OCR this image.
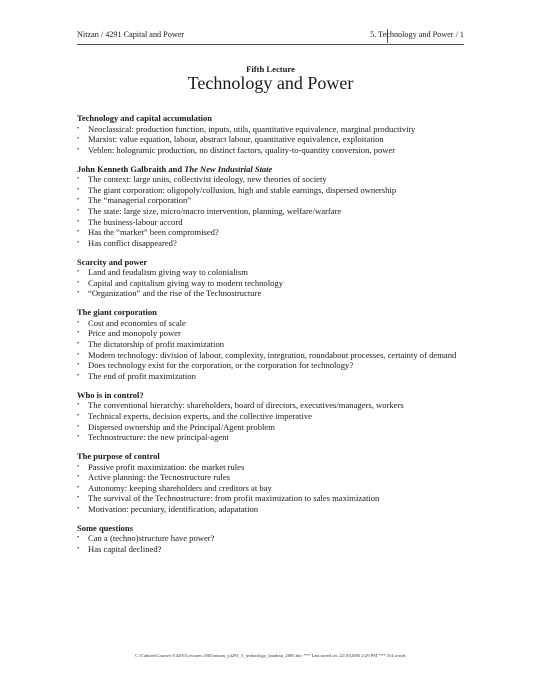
Nitzan / 4291 Capital and Power	5. Technology and Power / 1
Fifth Lecture
Technology and Power
Technology and capital accumulation
• Neoclassical: production function, inputs, utils, quantitative equivalence, marginal productivity
• Marxist: value equation, labour, abstract labour, quantitative equivalence, exploitation
• Veblen: hologramic production, no distinct factors, quality-to-quantity conversion, power
John Kenneth Galbraith and The New Industrial State
• The context: large units, collectivist ideology, new theories of society
• The giant corporation: oligopoly/collusion, high and stable earnings, dispersed ownership
• The “managerial corporation”
• The state: large size, micro/macro intervention, planning, welfare/warfare
• The business-labour accord
• Has the “market” been compromised?
• Has conflict disappeared?
Scarcity and power
• Land and feudalism giving way to colonialism
• Capital and capitalism giving way to modern technology
• “Organization” and the rise of the Technostructure
The giant corporation
• Cost and economies of scale
• Price and monopoly power
• The dictatorship of profit maximization
• Modern technology: division of labour, complexity, integration, roundabout processes, certainty of demand
• Does technology exist for the corporation, or the corporation for technology?
• The end of profit maximization
Who is in control?
• The conventional hierarchy: shareholders, board of directors, executives/managers, workers
• Technical experts, decision experts, and the collective imperative
• Dispersed ownership and the Principal/Agent problem
• Technostructure: the new principal-agent
The purpose of control
• Passive profit maximization: the market rules
• Active planning: the Tecnostructure rules
• Autonomy: keeping shareholders and creditors at bay
• The survival of the Technostructure: from profit maximization to sales maximization
• Motivation: pecuniary, identification, adapatation
Some questions
• Can a (techno)structure have power?
• Has capital declined?
C:\Cabinet\Courses\Y4291\Lectures 2005\nitzan_y4291_5_technology_handout_2005.doc *** Last saved on: 22/10/2005 2:29 PM *** 314 words
